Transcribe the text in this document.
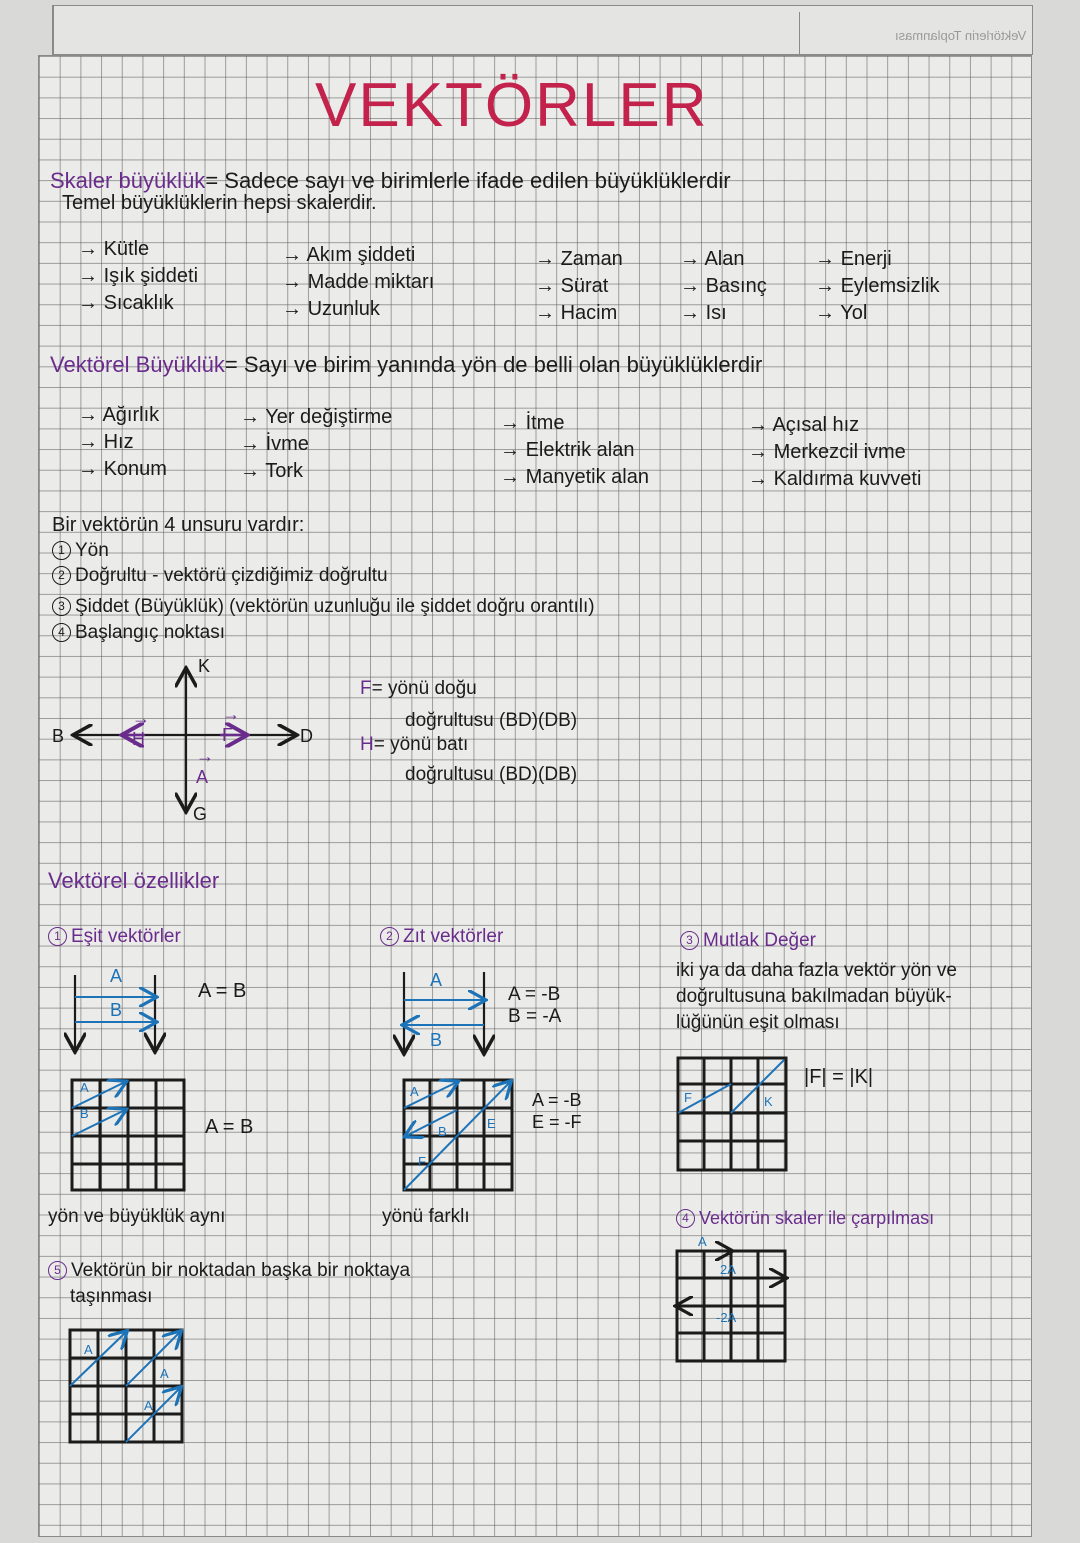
Vektörlerin Toplanması
VEKTÖRLER
Skaler büyüklük= Sadece sayı ve birimlerle ifade edilen büyüklüklerdir
Temel büyüklüklerin hepsi skalerdir.
→ Kütle
→ Işık şiddeti
→ Sıcaklık
→ Akım şiddeti
→ Madde miktarı
→ Uzunluk
→ Zaman
→ Sürat
→ Hacim
→ Alan
→ Basınç
→ Isı
→ Enerji
→ Eylemsizlik
→ Yol
Vektörel Büyüklük= Sayı ve birim yanında yön de belli olan büyüklüklerdir
→ Ağırlık
→ Hız
→ Konum
→ Yer değiştirme
→ İvme
→ Tork
→ İtme
→ Elektrik alan
→ Manyetik alan
→ Açısal hız
→ Merkezcil ivme
→ Kaldırma kuvveti
Bir vektörün 4 unsuru vardır:
1 Yön
2 Doğrultu - vektörü çizdiğimiz doğrultu
3 Şiddet (Büyüklük) (vektörün uzunluğu ile şiddet doğru orantılı)
4 Başlangıç noktası
K
G
D
B
→
H
→
F
→
A
F= yönü doğu
doğrultusu (BD)(DB)
H= yönü batı
doğrultusu (BD)(DB)
Vektörel özellikler
1 Eşit vektörler
A
B
A = B
A
B
A = B
yön ve büyüklük aynı
2 Zıt vektörler
A
B
A = -B
B = -A
A
B
E
F
A = -B
E = -F
yönü farklı
3 Mutlak Değer
iki ya da daha fazla vektör yön ve
doğrultusuna bakılmadan büyük-
lüğünün eşit olması
F	K
|F| = |K|
4 Vektörün skaler ile çarpılması
A
2A
-2A
5 Vektörün bir noktadan başka bir noktaya
taşınması
A
A
A
